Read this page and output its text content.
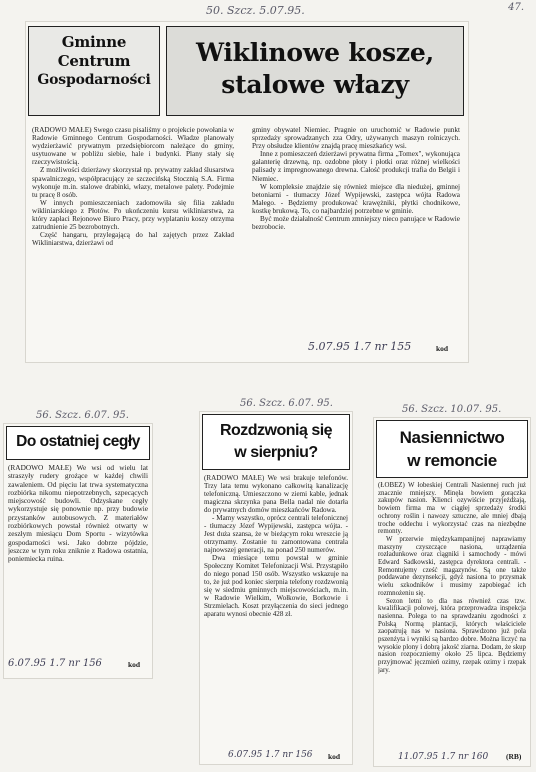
47.
50. Szcz. 5.07.95.
Gminne
Centrum
Gospodarności
Wiklinowe kosze,
stalowe włazy

(RADOWO MAŁE) Swego czasu pisaliśmy o projekcie powołania w Radowie Gminnego Centrum Gospodarności. Władze planowały wydzierżawić prywatnym przedsiębiorcom należące do gminy, usytuowane w pobliżu siebie, hale i budynki. Plany stały się rzeczywistością.

Z możliwości dzierżawy skorzystał np. prywatny zakład ślusarstwa spawalniczego, współpracujący ze szczecińską Stocznią S.A. Firma wykonuje m.in. stalowe drabinki, włazy, metalowe palety. Podejmie tu pracę 8 osób.

W innych pomieszczeniach zadomowiła się filia zakładu wikliniarskiego z Płotów. Po ukończeniu kursu wikliniarstwa, za który zapłaci Rejonowe Biuro Pracy, przy wyplataniu koszy otrzyma zatrudnienie 25 bezrobotnych.

Część hangaru, przylegającą do hal zajętych przez Zakład Wikliniarstwa, dzierżawi od

gminy obywatel Niemiec. Pragnie on uruchomić w Radowie punkt sprzedaży sprowadzanych zza Odry, używanych maszyn rolniczych. Przy obsłudze klientów znajdą pracę mieszkańcy wsi.

Inne z pomieszczeń dzierżawi prywatna firma „Tomex", wykonująca galanterię drzewną, np. ozdobne płoty i płotki oraz różnej wielkości palisady z impregnowanego drewna. Całość produkcji trafia do Belgii i Niemiec.

W kompleksie znajdzie się również miejsce dla niedużej, gminnej betoniarni - tłumaczy Józef Wypijewski, zastępca wójta Radowa Małego. - Będziemy produkować krawężniki, płytki chodnikowe, kostkę brukową. To, co najbardziej potrzebne w gminie.

Być może działalność Centrum zmniejszy nieco panujące w Radowie bezrobocie.

kod
5.07.95 1.7 nr 155
56. Szcz. 6.07. 95.
Do ostatniej cegły

(RADOWO MAŁE) We wsi od wielu lat straszyły rudery grożące w każdej chwili zawaleniem. Od pięciu lat trwa systematyczna rozbiórka nikomu niepotrzebnych, szpecących miejscowość budowli. Odzyskane cegły wykorzystuje się ponownie np. przy budowie przystanków autobusowych. Z materiałów rozbiórkowych powstał również otwarty w zeszłym miesiącu Dom Sportu - wizytówka gospodarności wsi. Jako dobrze pójdzie, jeszcze w tym roku zniknie z Radowa ostatnia, poniemiecka ruina.

kod
6.07.95 1.7 nr 156
56. Szcz. 6.07. 95.
Rozdzwonią się
w sierpniu?

(RADOWO MAŁE) We wsi brakuje telefonów. Trzy lata temu wykonano całkowitą kanalizację telefoniczną. Umieszczono w ziemi kable, jednak magiczna skrzynka pana Bella nadal nie dotarła do prywatnych domów mieszkańców Radowa.

- Mamy wszystko, oprócz centrali telefonicznej - tłumaczy Józef Wypijewski, zastępca wójta. - Jest duża szansa, że w bieżącym roku wreszcie ją otrzymamy. Zostanie tu zamontowana centrala najnowszej generacji, na ponad 250 numerów.

Dwa miesiące temu powstał w gminie Społeczny Komitet Telefonizacji Wsi. Przystąpiło do niego ponad 150 osób. Wszystko wskazuje na to, że już pod koniec sierpnia telefony rozdzwonią się w siedmiu gminnych miejscowościach, m.in. w Radowie Wielkim, Wołkowie, Borkowie i Strzmielach. Koszt przyłączenia do sieci jednego aparatu wynosi obecnie 428 zł.

6.07.95 1.7 nr 156 kod
56. Szcz. 10.07. 95.
Nasiennictwo
w remoncie

(ŁOBEZ) W łobeskiej Centrali Nasiennej ruch już znacznie mniejszy. Minęła bowiem gorączka zakupów nasion. Klienci ozywiście przyjeżdżają, bowiem firma ma w ciągłej sprzedaży środki ochrony roślin i nawozy sztuczne, ale mniej dbają troche oddechu i wykorzystać czas na niezbędne remonty.

W przerwie międzykampanijnej naprawiamy maszyny czyszczące nasiona, urządzenia rozładunkowe oraz ciągniki i samochody - mówi Edward Sadkowski, zastępca dyrektora centrali. - Remontujemy cześć magazynów. Są one także poddawane dezynsekcji, gdyż nasiona to przysmak wielu szkodników i musimy zapobiegać ich rozmnożeniu się.

Sezon letni to dla nas również czas tzw. kwalifikacji polowej, która przeprowadza inspekcja nasienna. Polega to na sprawdzaniu zgodności z Polską Normą plantacji, których właściciele zaopatrują nas w nasiona. Sprawdzono już pola pszenżyta i wyniki są bardzo dobre. Można liczyć na wysokie plony i dobrą jakość ziarna. Dodam, że skup nasion rozpoczniemy około 25 lipca. Będziemy przyjmować jęczmień ozimy, rzepak ozimy i rzepak jary.

11.07.95 1.7 nr 160 (RB)
